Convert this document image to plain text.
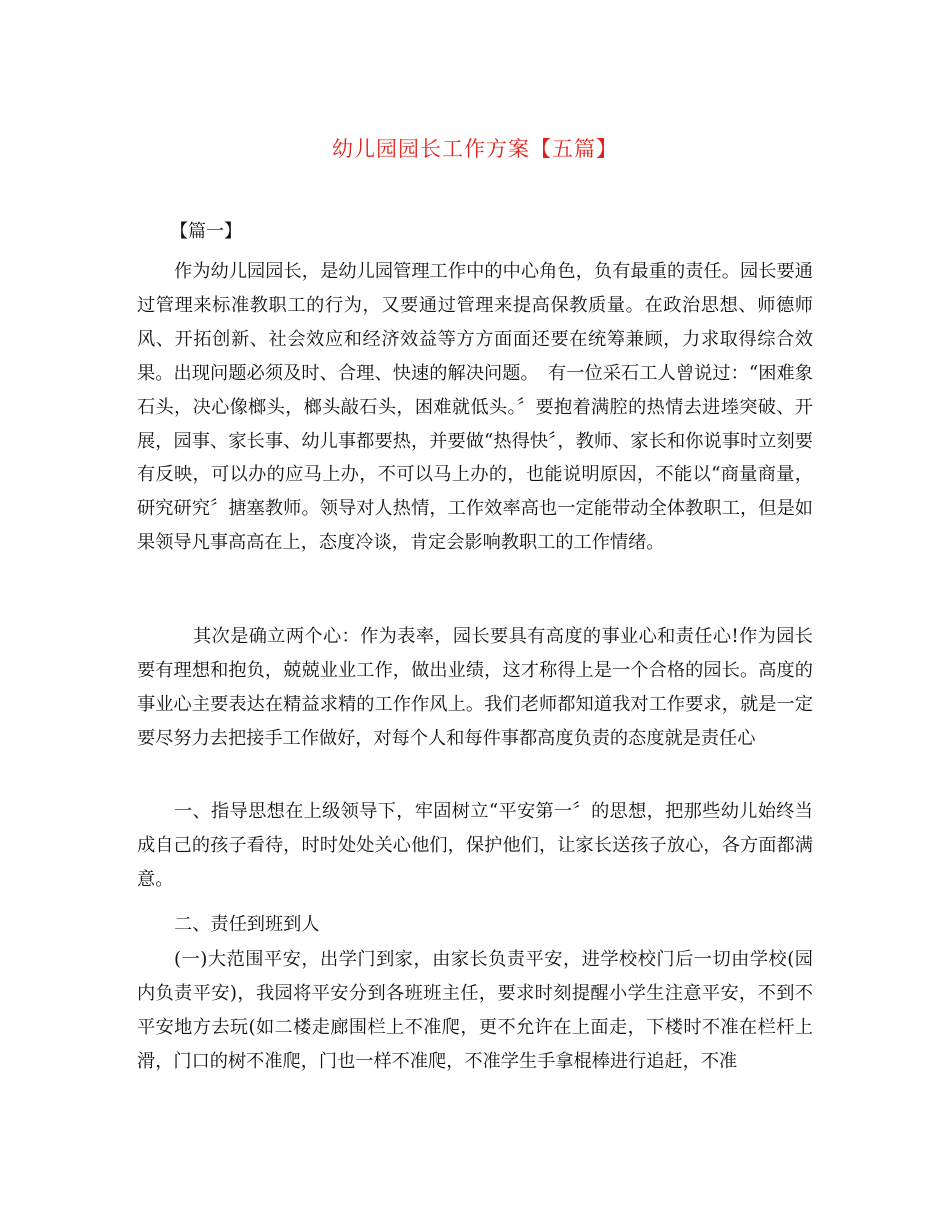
幼儿园园长工作方案【五篇】
【篇一】

作为幼儿园园长，是幼儿园管理工作中的中心角色，负有最重的责任。园长要通过管理来标准教职工的行为，又要通过管理来提高保教质量。在政治思想、师德师风、开拓创新、社会效应和经济效益等方方面面还要在统筹兼顾，力求取得综合效果。出现问题必须及时、合理、快速的解决问题。　有一位采石工人曾说过：“困难象石头，决心像榔头，榔头敲石头，困难就低头。〞要抱着满腔的热情去进堘突破、开展，园事、家长事、幼儿事都要热，并要做“热得快〞，教师、家长和你说事时立刻要有反映，可以办的应马上办，不可以马上办的，也能说明原因，不能以“商量商量，研究研究〞搪塞教师。领导对人热情，工作效率高也一定能带动全体教职工，但是如果领导凡事高高在上，态度冷谈，肯定会影响教职工的工作情绪。

其次是确立两个心：作为表率，园长要具有高度的事业心和责任心!作为园长要有理想和抱负，兢兢业业工作，做出业绩，这才称得上是一个合格的园长。高度的事业心主要表达在精益求精的工作作风上。我们老师都知道我对工作要求，就是一定要尽努力去把接手工作做好，对每个人和每件事都高度负责的态度就是责任心

一、指导思想在上级领导下，牢固树立“平安第一〞的思想，把那些幼儿始终当成自己的孩子看待，时时处处关心他们，保护他们，让家长送孩子放心，各方面都满意。

二、责任到班到人

(一)大范围平安，出学门到家，由家长负责平安，进学校校门后一切由学校(园内负责平安)，我园将平安分到各班班主任，要求时刻提醒小学生注意平安，不到不平安地方去玩(如二楼走廊围栏上不准爬，更不允许在上面走，下楼时不准在栏杆上滑，门口的树不准爬，门也一样不准爬，不准学生手拿棍棒进行追赶，不准
